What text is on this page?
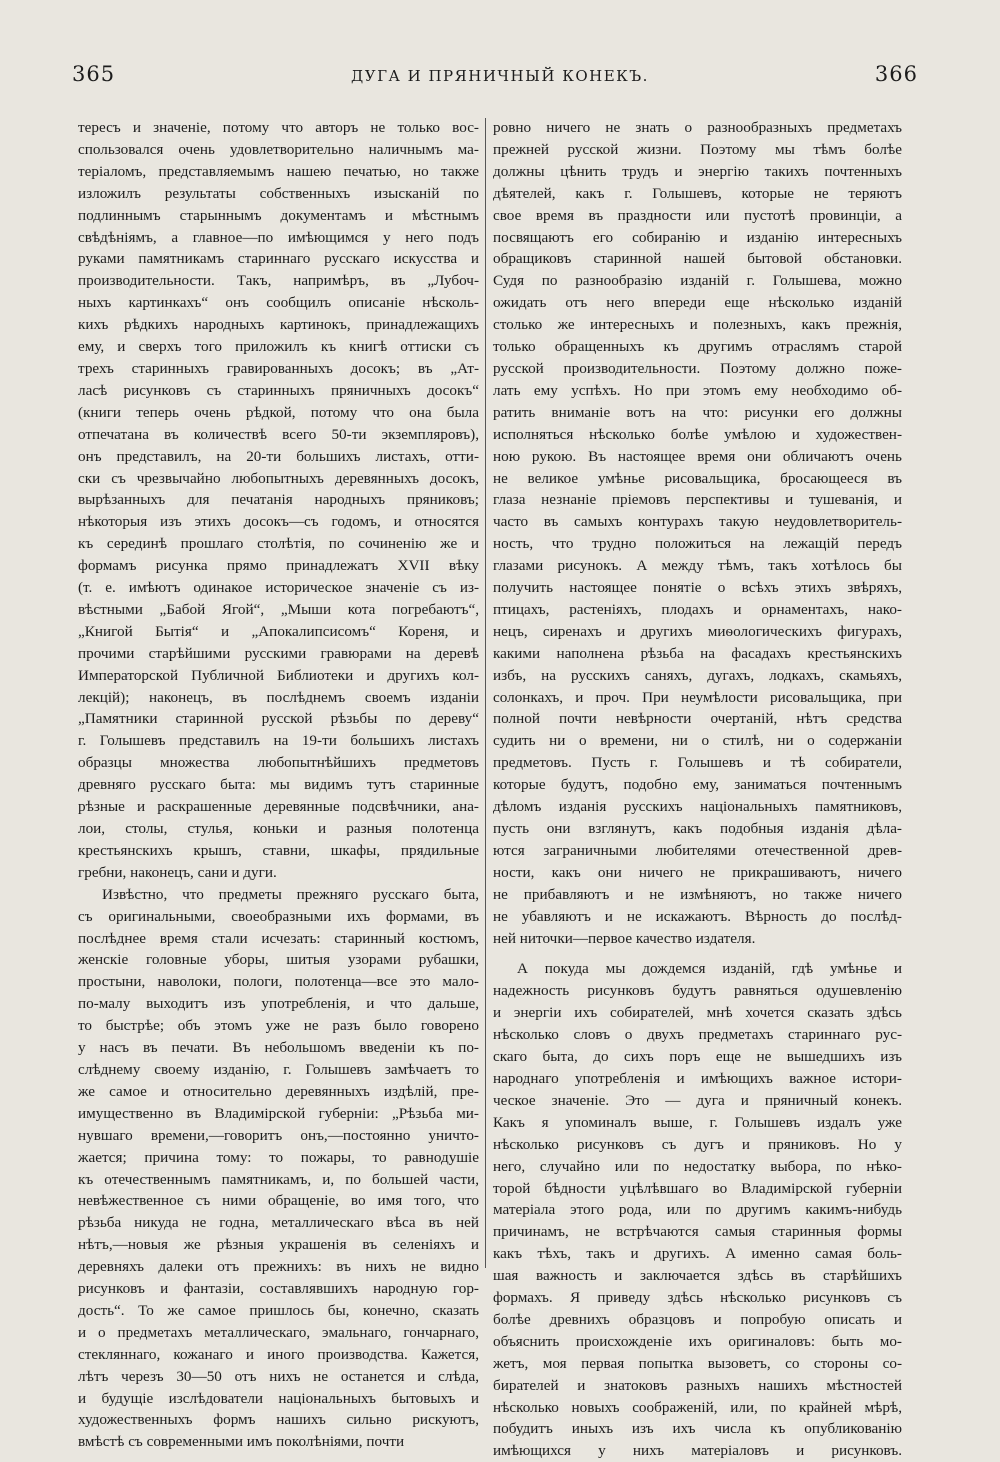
365	ДУГА И ПРЯНИЧНЫЙ КОНЕКЪ.	366
тересъ и значеніе, потому что авторъ не только вос-
спользовался очень удовлетворительно наличнымъ ма-
теріаломъ, представляемымъ нашею печатью, но также
изложилъ результаты собственныхъ изысканій по
подлиннымъ старыннымъ документамъ и мѣстнымъ
свѣдѣніямъ, а главное—по имѣющимся у него подъ
руками памятникамъ стариннаго русскаго искусства и
производительности. Такъ, напримѣръ, въ „Лубоч-
ныхъ картинкахъ“ онъ сообщилъ описаніе нѣсколь-
кихъ рѣдкихъ народныхъ картинокъ, принадлежащихъ
ему, и сверхъ того приложилъ къ книгѣ оттиски съ
трехъ старинныхъ гравированныхъ досокъ; въ „Ат-
ласѣ рисунковъ съ старинныхъ пряничныхъ досокъ“
(книги теперь очень рѣдкой, потому что она была
отпечатана въ количествѣ всего 50-ти экземпляровъ),
онъ представилъ, на 20-ти большихъ листахъ, отти-
ски съ чрезвычайно любопытныхъ деревянныхъ досокъ,
вырѣзанныхъ для печатанія народныхъ пряниковъ;
нѣкоторыя изъ этихъ досокъ—съ годомъ, и относятся
къ серединѣ прошлаго столѣтія, по сочиненію же и
формамъ рисунка прямо принадлежатъ XVII вѣку
(т. е. имѣютъ одинакое историческое значеніе съ из-
вѣстными „Бабой Ягой“, „Мыши кота погребаютъ“,
„Книгой Бытія“ и „Апокалипсисомъ“ Кореня, и
прочими старѣйшими русскими гравюрами на деревѣ
Императорской Публичной Библиотеки и другихъ кол-
лекцій); наконецъ, въ послѣднемъ своемъ изданіи
„Памятники старинной русской рѣзьбы по дереву“
г. Голышевъ представилъ на 19-ти большихъ листахъ
образцы множества любопытнѣйшихъ предметовъ
древняго русскаго быта: мы видимъ тутъ старинные
рѣзные и раскрашенные деревянные подсвѣчники, ана-
лои, столы, стулья, коньки и разныя полотенца
крестьянскихъ крышъ, ставни, шкафы, прядильные
гребни, наконецъ, сани и дуги.
Извѣстно, что предметы прежняго русскаго быта,
съ оригинальными, своеобразными ихъ формами, въ
послѣднее время стали исчезать: старинный костюмъ,
женскіе головные уборы, шитыя узорами рубашки,
простыни, наволоки, пологи, полотенца—все это мало-
по-малу выходитъ изъ употребленія, и что дальше,
то быстрѣе; объ этомъ уже не разъ было говорено
у насъ въ печати. Въ небольшомъ введеніи къ по-
слѣднему своему изданію, г. Голышевъ замѣчаетъ то
же самое и относительно деревянныхъ издѣлій, пре-
имущественно въ Владимірской губерніи: „Рѣзьба ми-
нувшаго времени,—говоритъ онъ,—постоянно уничто-
жается; причина тому: то пожары, то равнодушіе
къ отечественнымъ памятникамъ, и, по большей части,
невѣжественное съ ними обращеніе, во имя того, что
рѣзьба никуда не годна, металлическаго вѣса въ ней
нѣтъ,—новыя же рѣзныя украшенія въ селеніяхъ и
деревняхъ далеки отъ прежнихъ: въ нихъ не видно
рисунковъ и фантазіи, составлявшихъ народную гор-
дость“. То же самое пришлось бы, конечно, сказать
и о предметахъ металлическаго, эмальнаго, гончарнаго,
стекляннаго, кожанаго и иного производства. Кажется,
лѣтъ черезъ 30—50 отъ нихъ не останется и слѣда,
и будущіе изслѣдователи національныхъ бытовыхъ и
художественныхъ формъ нашихъ сильно рискуютъ,
вмѣстѣ съ современными имъ поколѣніями, почти
ровно ничего не знать о разнообразныхъ предметахъ
прежней русской жизни. Поэтому мы тѣмъ болѣе
должны цѣнить трудъ и энергію такихъ почтенныхъ
дѣятелей, какъ г. Голышевъ, которые не теряютъ
свое время въ праздности или пустотѣ провинціи, а
посвящаютъ его собиранію и изданію интересныхъ
обращиковъ старинной нашей бытовой обстановки.
Судя по разнообразію изданій г. Голышева, можно
ожидать отъ него впереди еще нѣсколько изданій
столько же интересныхъ и полезныхъ, какъ прежнія,
только обращенныхъ къ другимъ отраслямъ старой
русской производительности. Поэтому должно поже-
лать ему успѣхъ. Но при этомъ ему необходимо об-
ратить вниманіе вотъ на что: рисунки его должны
исполняться нѣсколько болѣе умѣлою и художествен-
ною рукою. Въ настоящее время они обличаютъ очень
не великое умѣнье рисовальщика, бросающееся въ
глаза незнаніе пріемовъ перспективы и тушеванія, и
часто въ самыхъ контурахъ такую неудовлетворитель-
ность, что трудно положиться на лежащій передъ
глазами рисунокъ. А между тѣмъ, такъ хотѣлось бы
получить настоящее понятіе о всѣхъ этихъ звѣряхъ,
птицахъ, растеніяхъ, плодахъ и орнаментахъ, нако-
нецъ, сиренахъ и другихъ миѳологическихъ фигурахъ,
какими наполнена рѣзьба на фасадахъ крестьянскихъ
избъ, на русскихъ саняхъ, дугахъ, лодкахъ, скамьяхъ,
солонкахъ, и проч. При неумѣлости рисовальщика, при
полной почти невѣрности очертаній, нѣтъ средства
судить ни о времени, ни о стилѣ, ни о содержаніи
предметовъ. Пусть г. Голышевъ и тѣ собиратели,
которые будутъ, подобно ему, заниматься почтеннымъ
дѣломъ изданія русскихъ національныхъ памятниковъ,
пусть они взглянутъ, какъ подобныя изданія дѣла-
ются заграничными любителями отечественной древ-
ности, какъ они ничего не прикрашиваютъ, ничего
не прибавляютъ и не измѣняютъ, но также ничего
не убавляютъ и не искажаютъ. Вѣрность до послѣд-
ней ниточки—первое качество издателя.
А покуда мы дождемся изданій, гдѣ умѣнье и
надежность рисунковъ будутъ равняться одушевленію
и энергіи ихъ собирателей, мнѣ хочется сказать здѣсь
нѣсколько словъ о двухъ предметахъ стариннаго рус-
скаго быта, до сихъ поръ еще не вышедшихъ изъ
народнаго употребленія и имѣющихъ важное истори-
ческое значеніе. Это — дуга и пряничный конекъ.
Какъ я упоминалъ выше, г. Голышевъ издалъ уже
нѣсколько рисунковъ съ дугъ и пряниковъ. Но у
него, случайно или по недостатку выбора, по нѣко-
торой бѣдности уцѣлѣвшаго во Владимірской губерніи
матеріала этого рода, или по другимъ какимъ-нибудь
причинамъ, не встрѣчаются самыя старинныя формы
какъ тѣхъ, такъ и другихъ. А именно самая боль-
шая важность и заключается здѣсь въ старѣйшихъ
формахъ. Я приведу здѣсь нѣсколько рисунковъ съ
болѣе древнихъ образцовъ и попробую описать и
объяснить происхожденіе ихъ оригиналовъ: быть мо-
жетъ, моя первая попытка вызоветъ, со стороны со-
бирателей и знатоковъ разныхъ нашихъ мѣстностей
нѣсколько новыхъ соображеній, или, по крайней мѣрѣ,
побудитъ иныхъ изъ ихъ числа къ опубликованію
имѣющихся у нихъ матеріаловъ и рисунковъ.
